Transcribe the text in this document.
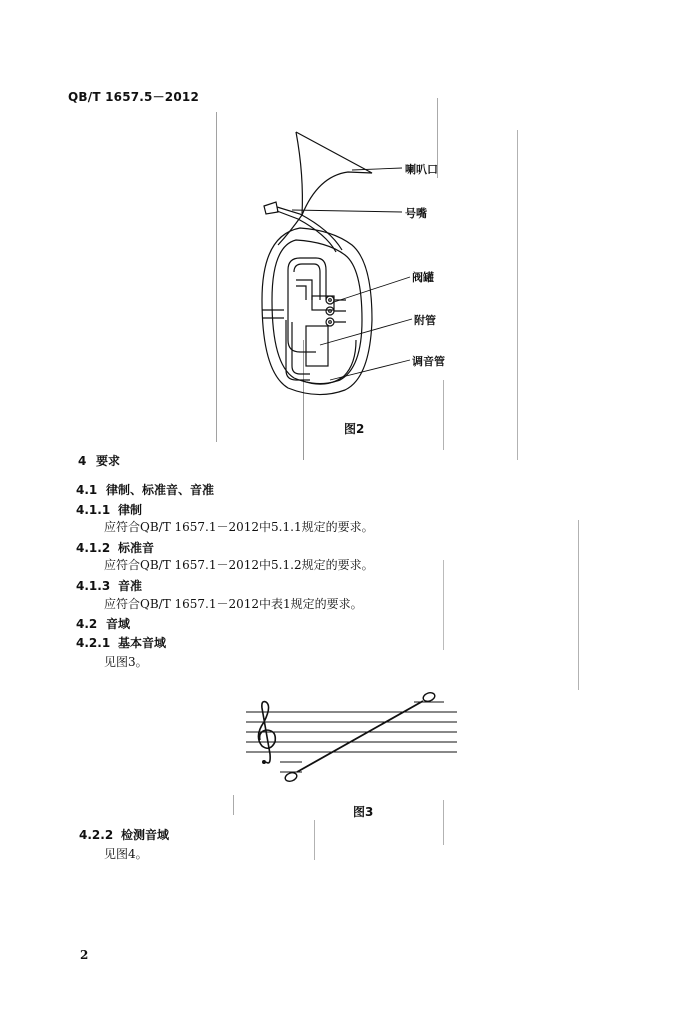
QB/T 1657.5－2012
喇叭口
号嘴
阀罐
附管
调音管
图2
4 要求
4.1 律制、标准音、音准
4.1.1 律制
应符合QB/T 1657.1－2012中5.1.1规定的要求。
4.1.2 标准音
应符合QB/T 1657.1－2012中5.1.2规定的要求。
4.1.3 音准
应符合QB/T 1657.1－2012中表1规定的要求。
4.2 音域
4.2.1 基本音域
见图3。
图3
4.2.2 检测音域
见图4。
2
